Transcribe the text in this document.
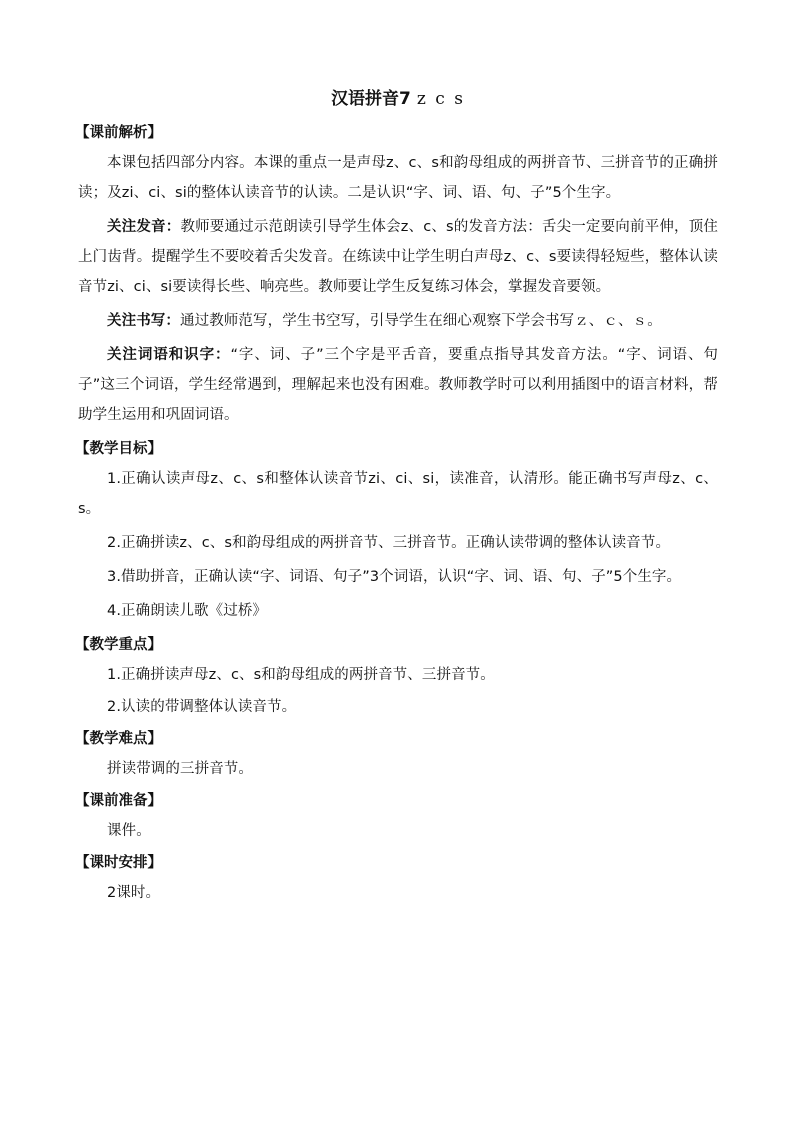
汉语拼音7 z c s
【课前解析】

本课包括四部分内容。本课的重点一是声母z、c、s和韵母组成的两拼音节、三拼音节的正确拼读；及zi、ci、si的整体认读音节的认读。二是认识“字、词、语、句、子”5个生字。

关注发音：教师要通过示范朗读引导学生体会z、c、s的发音方法：舌尖一定要向前平伸，顶住上门齿背。提醒学生不要咬着舌尖发音。在练读中让学生明白声母z、c、s要读得轻短些，整体认读音节zi、ci、si要读得长些、响亮些。教师要让学生反复练习体会，掌握发音要领。

关注书写：通过教师范写，学生书空写，引导学生在细心观察下学会书写ｚ、ｃ、ｓ。

关注词语和识字：“字、词、子”三个字是平舌音，要重点指导其发音方法。“字、词语、句子”这三个词语，学生经常遇到，理解起来也没有困难。教师教学时可以利用插图中的语言材料，帮助学生运用和巩固词语。

【教学目标】

1.正确认读声母z、c、s和整体认读音节zi、ci、si，读准音，认清形。能正确书写声母z、c、s。

2.正确拼读z、c、s和韵母组成的两拼音节、三拼音节。正确认读带调的整体认读音节。

3.借助拼音，正确认读“字、词语、句子”3个词语，认识“字、词、语、句、子”5个生字。

4.正确朗读儿歌《过桥》

【教学重点】

1.正确拼读声母z、c、s和韵母组成的两拼音节、三拼音节。

2.认读的带调整体认读音节。

【教学难点】

拼读带调的三拼音节。

【课前准备】

课件。

【课时安排】

2课时。
